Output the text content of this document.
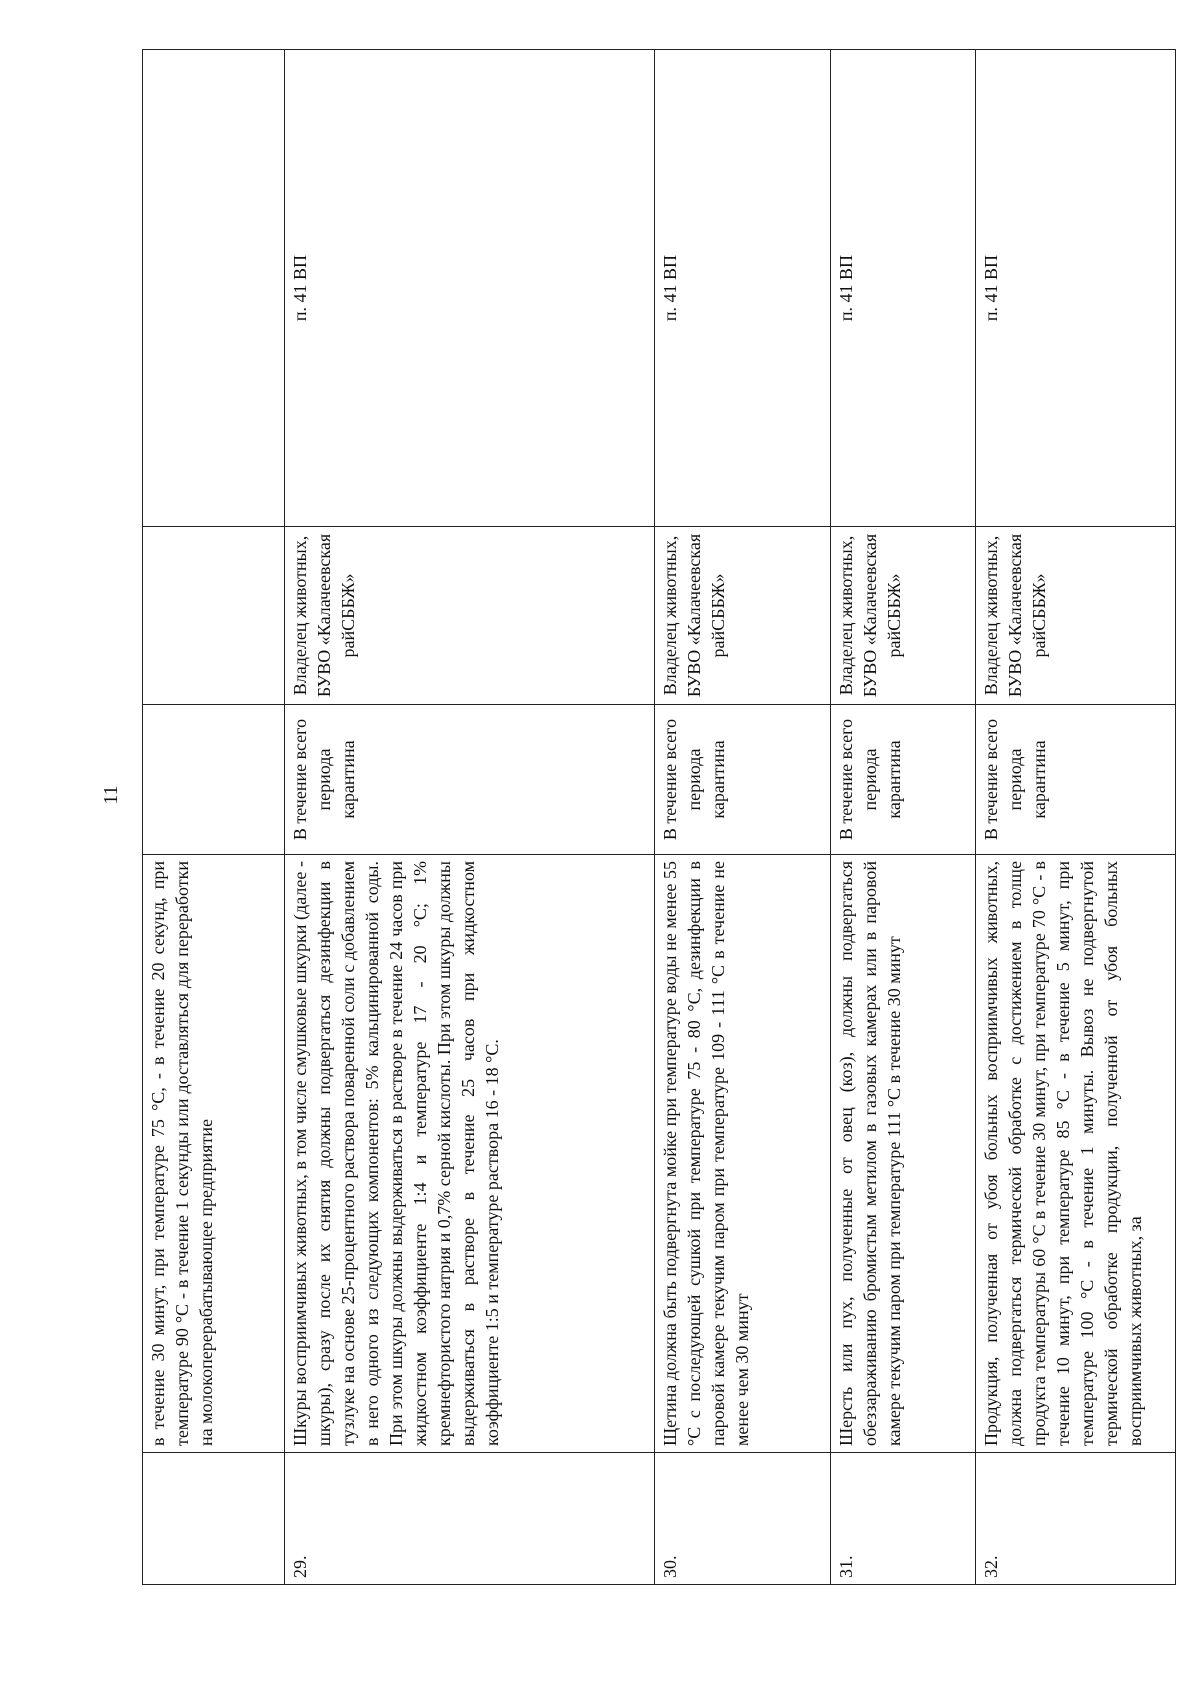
11
	в течение 30 минут, при температуре 75 °С, - в течение 20 секунд, при температуре 90 °С - в течение 1 секунды или доставляться для переработки на молокоперерабатывающее предприятие			
29.	Шкуры восприимчивых животных, в том числе смушковые шкурки (далее - шкуры), сразу после их снятия должны подвергаться дезинфекции в тузлуке на основе 25-процентного раствора поваренной соли с добавлением в него одного из следующих компонентов: 5% кальцинированной соды. При этом шкуры должны выдерживаться в растворе в течение 24 часов при жидкостном коэффициенте 1:4 и температуре 17 - 20 °С; 1% кремнефтористого натрия и 0,7% серной кислоты. При этом шкуры должны выдерживаться в растворе в течение 25 часов при жидкостном коэффициенте 1:5 и температуре раствора 16 - 18 °С.	В течение всего периода карантина	Владелец животных, БУВО «Калачеевская райСББЖ»	п. 41 ВП
30.	Щетина должна быть подвергнута мойке при температуре воды не менее 55 °С с последующей сушкой при температуре 75 - 80 °С, дезинфекции в паровой камере текучим паром при температуре 109 - 111 °С в течение не менее чем 30 минут	В течение всего периода карантина	Владелец животных, БУВО «Калачеевская райСББЖ»	п. 41 ВП
31.	Шерсть или пух, полученные от овец (коз), должны подвергаться обеззараживанию бромистым метилом в газовых камерах или в паровой камере текучим паром при температуре 111 °С в течение 30 минут	В течение всего периода карантина	Владелец животных, БУВО «Калачеевская райСББЖ»	п. 41 ВП
32.	Продукция, полученная от убоя больных восприимчивых животных, должна подвергаться термической обработке с достижением в толще продукта температуры 60 °С в течение 30 минут, при температуре 70 °С - в течение 10 минут, при температуре 85 °С - в течение 5 минут, при температуре 100 °С - в течение 1 минуты. Вывоз не подвергнутой термической обработке продукции, полученной от убоя больных восприимчивых животных, за	В течение всего периода карантина	Владелец животных, БУВО «Калачеевская райСББЖ»	п. 41 ВП
